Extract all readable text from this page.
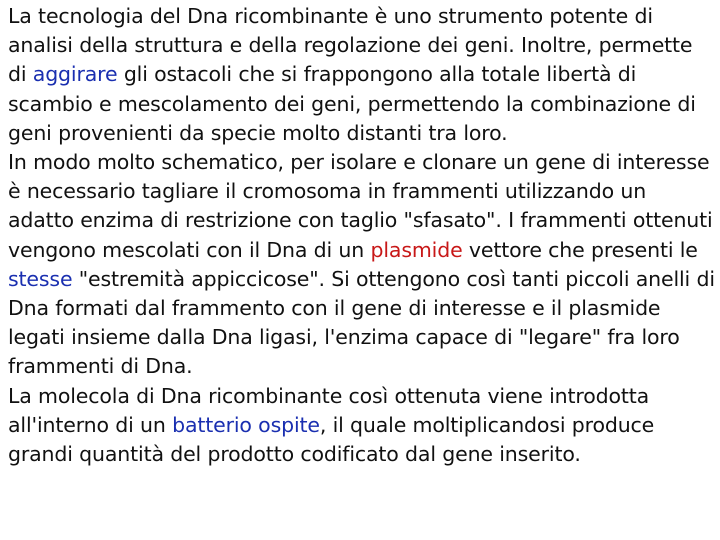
La tecnologia del Dna ricombinante è uno strumento potente di analisi della struttura e della regolazione dei geni. Inoltre, permette di aggirare gli ostacoli che si frappongono alla totale libertà di scambio e mescolamento dei geni, permettendo la combinazione di geni provenienti da specie molto distanti tra loro.

In modo molto schematico, per isolare e clonare un gene di interesse è necessario tagliare il cromosoma in frammenti utilizzando un adatto enzima di restrizione con taglio "sfasato". I frammenti ottenuti vengono mescolati con il Dna di un plasmide vettore che presenti le stesse "estremità appiccicose". Si ottengono così tanti piccoli anelli di Dna formati dal frammento con il gene di interesse e il plasmide legati insieme dalla Dna ligasi, l'enzima capace di "legare" fra loro frammenti di Dna.

La molecola di Dna ricombinante così ottenuta viene introdotta all'interno di un batterio ospite, il quale moltiplicandosi produce grandi quantità del prodotto codificato dal gene inserito.
